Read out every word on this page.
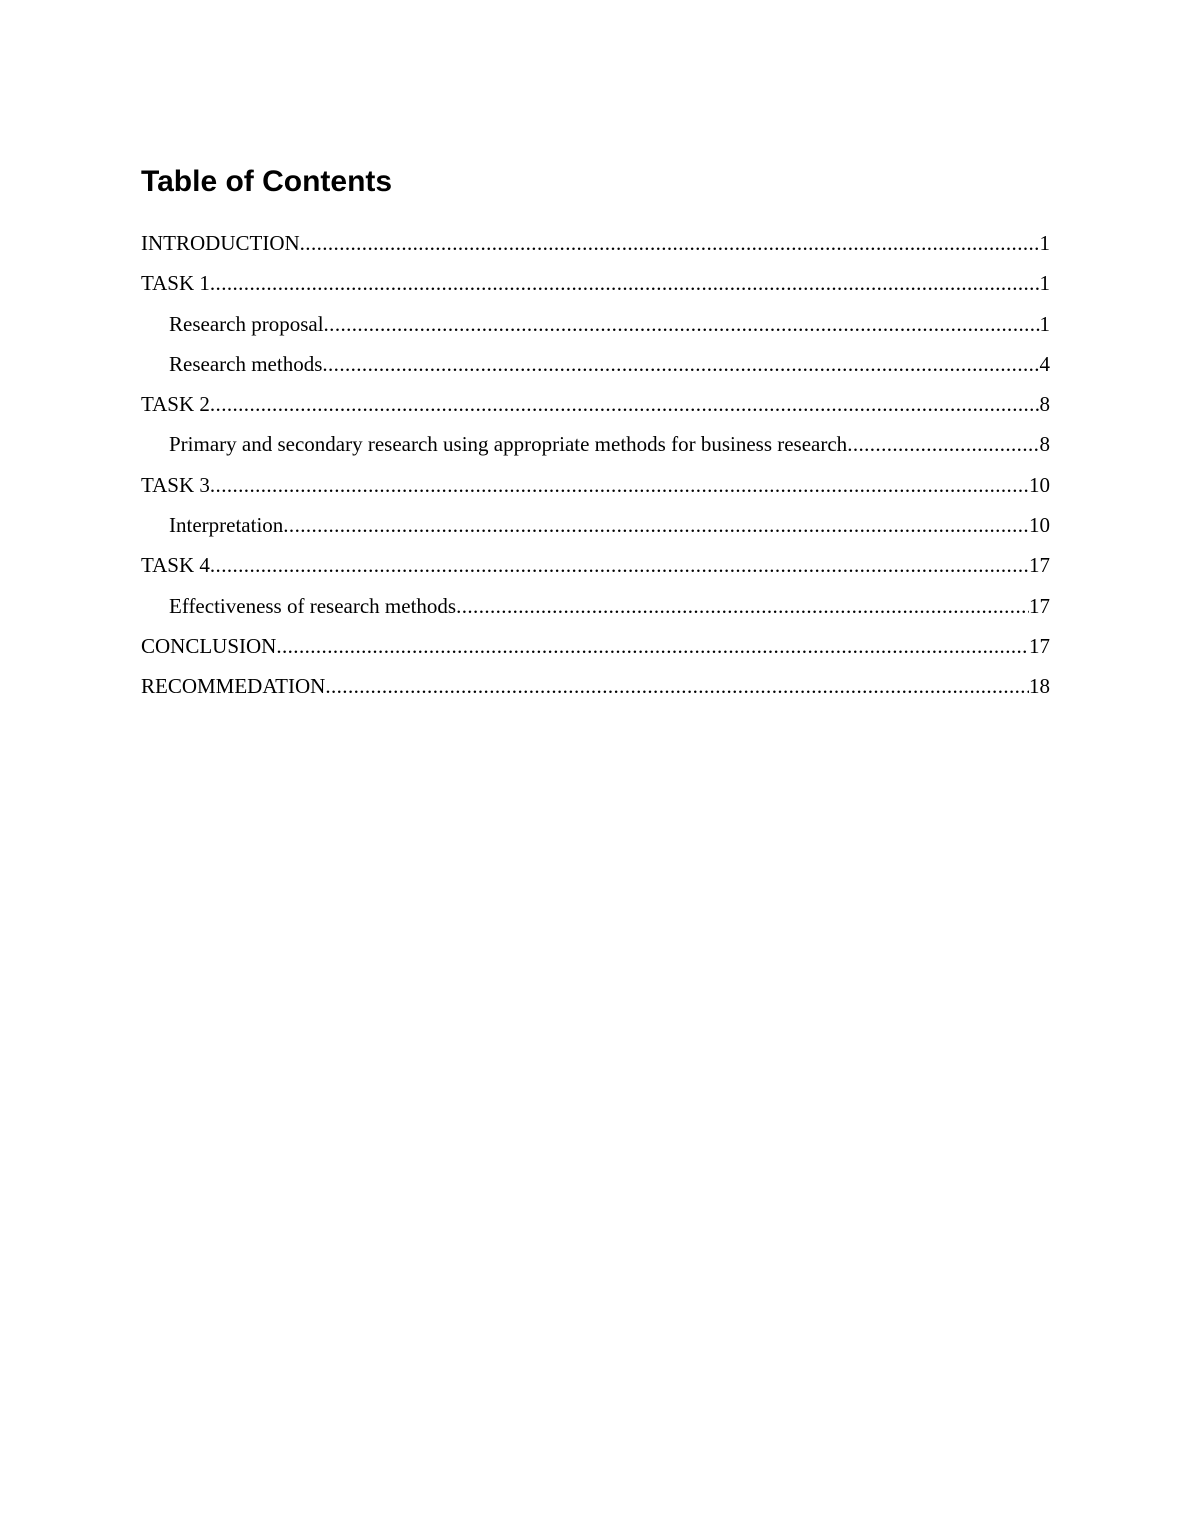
Table of Contents
INTRODUCTION .....	1
TASK 1 .....	1
Research proposal .....	1
Research methods .....	4
TASK 2 .....	8
Primary and secondary research using appropriate methods for business research .....	8
TASK 3 .....	10
Interpretation .....	10
TASK 4 .....	17
Effectiveness of research methods .....	17
CONCLUSION .....	17
RECOMMEDATION .....	18
